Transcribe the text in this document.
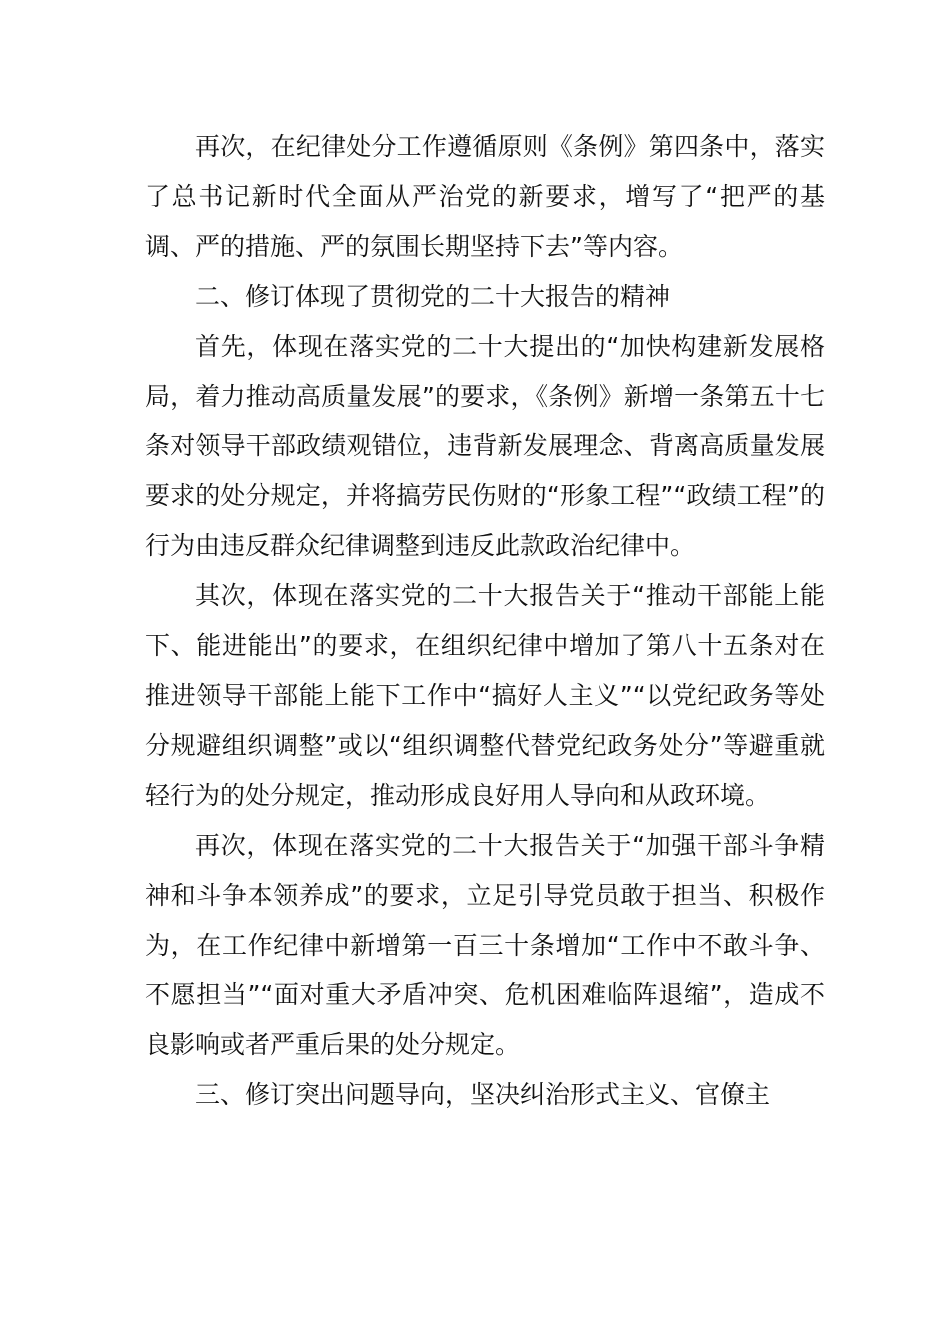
再次，在纪律处分工作遵循原则《条例》第四条中，落实了总书记新时代全面从严治党的新要求，增写了“把严的基调、严的措施、严的氛围长期坚持下去”等内容。

二、修订体现了贯彻党的二十大报告的精神

首先，体现在落实党的二十大提出的“加快构建新发展格局，着力推动高质量发展”的要求，《条例》新增一条第五十七条对领导干部政绩观错位，违背新发展理念、背离高质量发展要求的处分规定，并将搞劳民伤财的“形象工程”“政绩工程”的行为由违反群众纪律调整到违反此款政治纪律中。

其次，体现在落实党的二十大报告关于“推动干部能上能下、能进能出”的要求，在组织纪律中增加了第八十五条对在推进领导干部能上能下工作中“搞好人主义”“以党纪政务等处分规避组织调整”或以“组织调整代替党纪政务处分”等避重就轻行为的处分规定，推动形成良好用人导向和从政环境。

再次，体现在落实党的二十大报告关于“加强干部斗争精神和斗争本领养成”的要求，立足引导党员敢于担当、积极作为，在工作纪律中新增第一百三十条增加“工作中不敢斗争、不愿担当”“面对重大矛盾冲突、危机困难临阵退缩”，造成不良影响或者严重后果的处分规定。

三、修订突出问题导向，坚决纠治形式主义、官僚主
